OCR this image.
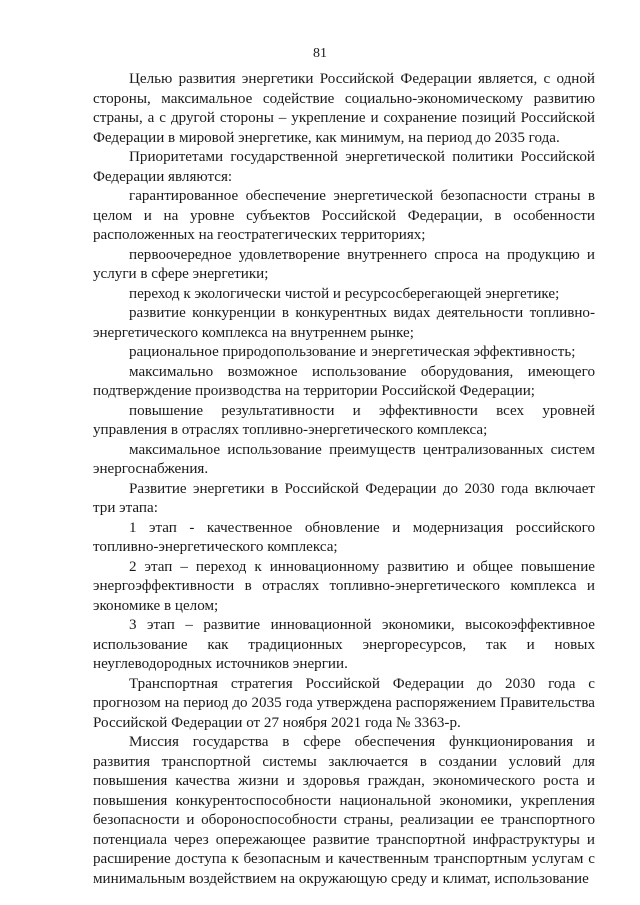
81

Целью развития энергетики Российской Федерации является, с одной стороны, максимальное содействие социально-экономическому развитию страны, а с другой стороны – укрепление и сохранение позиций Российской Федерации в мировой энергетике, как минимум, на период до 2035 года.

Приоритетами государственной энергетической политики Российской Федерации являются:

гарантированное обеспечение энергетической безопасности страны в целом и на уровне субъектов Российской Федерации, в особенности расположенных на геостратегических территориях;

первоочередное удовлетворение внутреннего спроса на продукцию и услуги в сфере энергетики;

переход к экологически чистой и ресурсосберегающей энергетике;

развитие конкуренции в конкурентных видах деятельности топливно-энергетического комплекса на внутреннем рынке;

рациональное природопользование и энергетическая эффективность;

максимально возможное использование оборудования, имеющего подтверждение производства на территории Российской Федерации;

повышение результативности и эффективности всех уровней управления в отраслях топливно-энергетического комплекса;

максимальное использование преимуществ централизованных систем энергоснабжения.

Развитие энергетики в Российской Федерации до 2030 года включает три этапа:

1 этап - качественное обновление и модернизация российского топливно-энергетического комплекса;

2 этап – переход к инновационному развитию и общее повышение энергоэффективности в отраслях топливно-энергетического комплекса и экономике в целом;

3 этап – развитие инновационной экономики, высокоэффективное использование как традиционных энергоресурсов, так и новых неуглеводородных источников энергии.

Транспортная стратегия Российской Федерации до 2030 года с прогнозом на период до 2035 года утверждена распоряжением Правительства Российской Федерации от 27 ноября 2021 года № 3363-р.

Миссия государства в сфере обеспечения функционирования и развития транспортной системы заключается в создании условий для повышения качества жизни и здоровья граждан, экономического роста и повышения конкурентоспособности национальной экономики, укрепления безопасности и обороноспособности страны, реализации ее транспортного потенциала через опережающее развитие транспортной инфраструктуры и расширение доступа к безопасным и качественным транспортным услугам с минимальным воздействием на окружающую среду и климат, использование
